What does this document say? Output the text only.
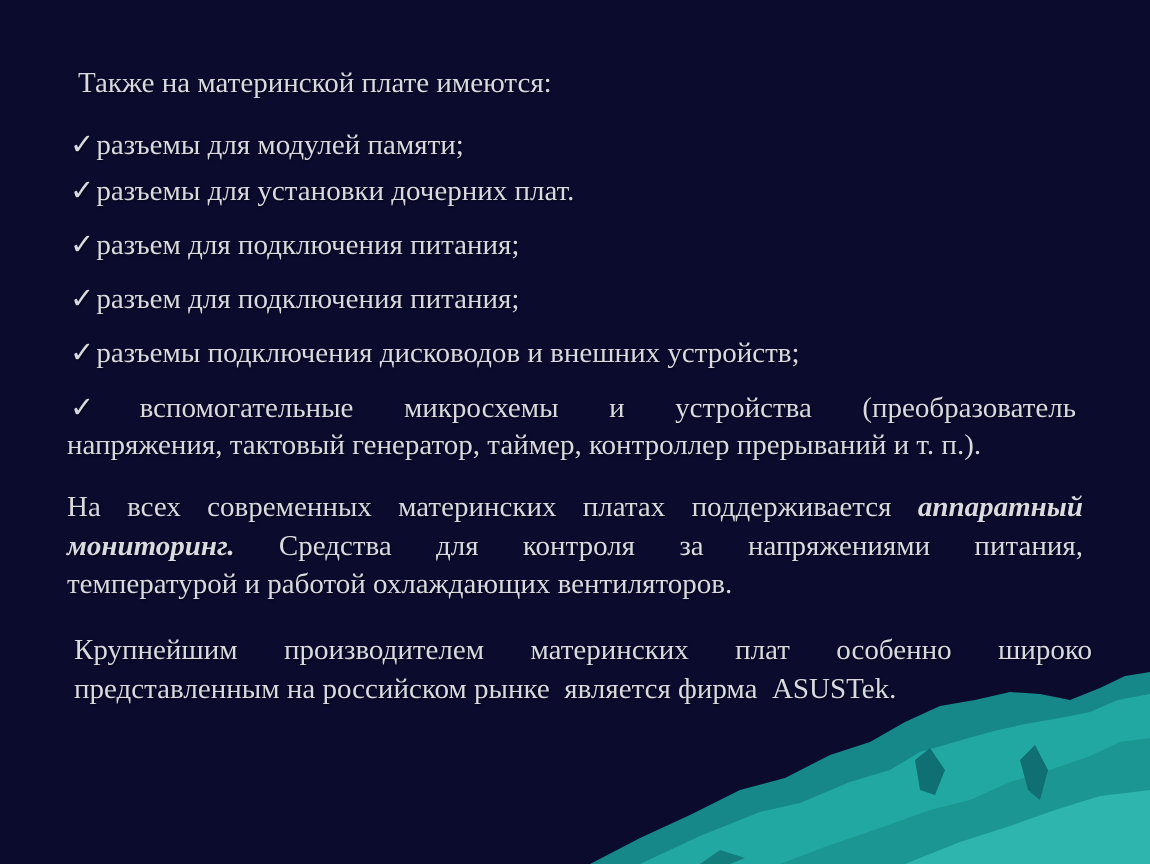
Также на материнской плате имеются:
✓разъемы для модулей памяти;
✓разъемы для установки дочерних плат.
✓разъем для подключения питания;
✓разъем для подключения питания;
✓разъемы подключения дисководов и внешних устройств;
✓вспомогательные микросхемы и устройства (преобразователь
напряжения, тактовый генератор, таймер, контроллер прерываний и т. п.).
На всех современных материнских платах поддерживается аппаратный
мониторинг. Средства для контроля за напряжениями питания,
температурой и работой охлаждающих вентиляторов.
Крупнейшим производителем материнских плат особенно широко
представленным на российском рынке  является фирма  ASUSTek.
